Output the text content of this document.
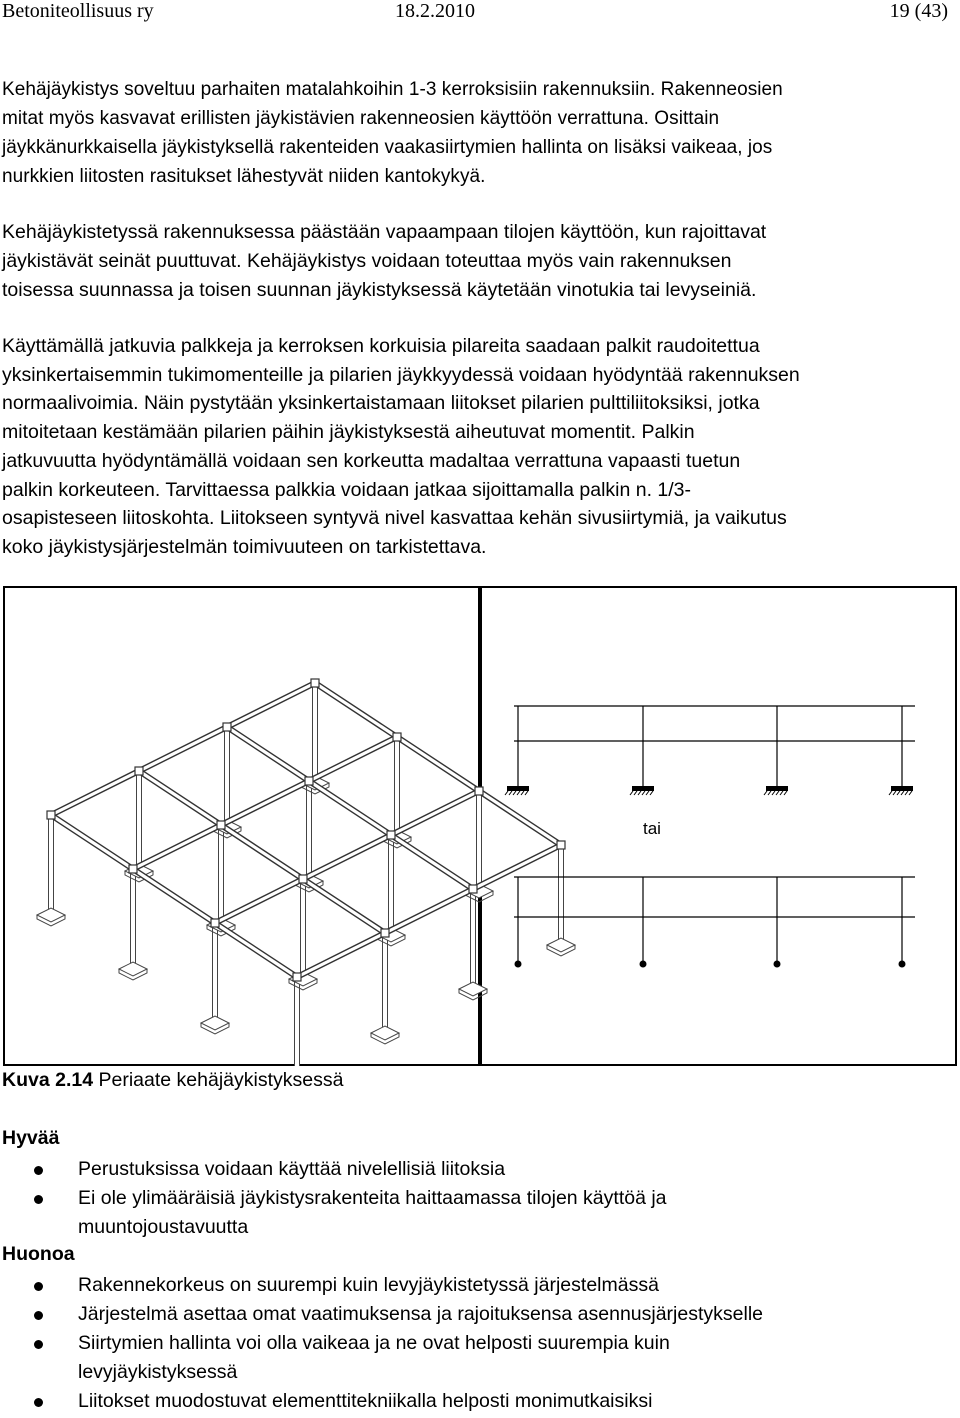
Betoniteollisuus ry	18.2.2010	19 (43)

Kehäjäykistys soveltuu parhaiten matalahkoihin 1-3 kerroksisiin rakennuksiin. Rakenneosien
mitat myös kasvavat erillisten jäykistävien rakenneosien käyttöön verrattuna. Osittain
jäykkänurkkaisella jäykistyksellä rakenteiden vaakasiirtymien hallinta on lisäksi vaikeaa, jos
nurkkien liitosten rasitukset lähestyvät niiden kantokykyä.

Kehäjäykistetyssä rakennuksessa päästään vapaampaan tilojen käyttöön, kun rajoittavat
jäykistävät seinät puuttuvat. Kehäjäykistys voidaan toteuttaa myös vain rakennuksen
toisessa suunnassa ja toisen suunnan jäykistyksessä käytetään vinotukia tai levyseiniä.

Käyttämällä jatkuvia palkkeja ja kerroksen korkuisia pilareita saadaan palkit raudoitettua
yksinkertaisemmin tukimomenteille ja pilarien jäykkyydessä voidaan hyödyntää rakennuksen
normaalivoimia. Näin pystytään yksinkertaistamaan liitokset pilarien pulttiliitoksiksi, jotka
mitoitetaan kestämään pilarien päihin jäykistyksestä aiheutuvat momentit. Palkin
jatkuvuutta hyödyntämällä voidaan sen korkeutta madaltaa verrattuna vapaasti tuetun
palkin korkeuteen. Tarvittaessa palkkia voidaan jatkaa sijoittamalla palkin n. 1/3-
osapisteseen liitoskohta. Liitokseen syntyvä nivel kasvattaa kehän sivusiirtymiä, ja vaikutus
koko jäykistysjärjestelmän toimivuuteen on tarkistettava.

tai
Kuva 2.14 Periaate kehäjäykistyksessä
Hyvää
Perustuksissa voidaan käyttää nivelellisiä liitoksia
Ei ole ylimääräisiä jäykistysrakenteita haittaamassa tilojen käyttöä ja
muuntojoustavuutta
Huonoa
Rakennekorkeus on suurempi kuin levyjäykistetyssä järjestelmässä
Järjestelmä asettaa omat vaatimuksensa ja rajoituksensa asennusjärjestykselle
Siirtymien hallinta voi olla vaikeaa ja ne ovat helposti suurempia kuin
levyjäykistyksessä
Liitokset muodostuvat elementtitekniikalla helposti monimutkaisiksi
